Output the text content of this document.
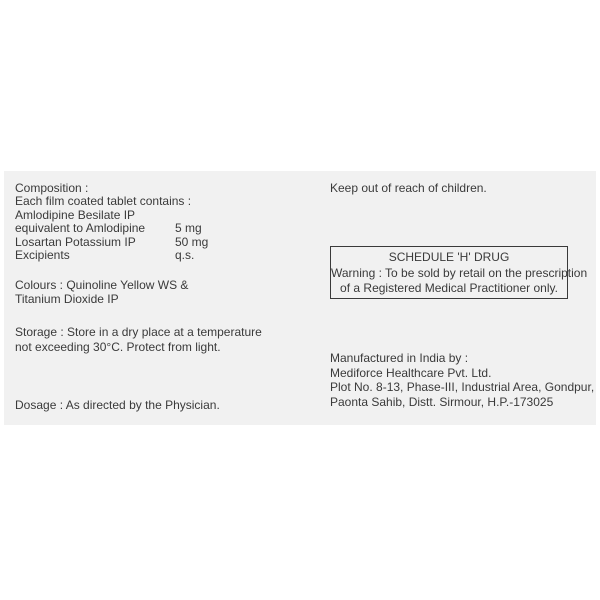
Composition :
Each film coated tablet contains :
Amlodipine Besilate IP
equivalent to Amlodipine 5 mg
Losartan Potassium IP	50 mg
Excipients	q.s.
Colours : Quinoline Yellow WS &
Titanium Dioxide IP
Storage : Store in a dry place at a temperature
not exceeding 30°C. Protect from light.
Dosage : As directed by the Physician.
Keep out of reach of children.
SCHEDULE 'H' DRUG
Warning : To be sold by retail on the prescription
of a Registered Medical Practitioner only.
Manufactured in India by :
Mediforce Healthcare Pvt. Ltd.
Plot No. 8-13, Phase-III, Industrial Area, Gondpur,
Paonta Sahib, Distt. Sirmour, H.P.-173025
